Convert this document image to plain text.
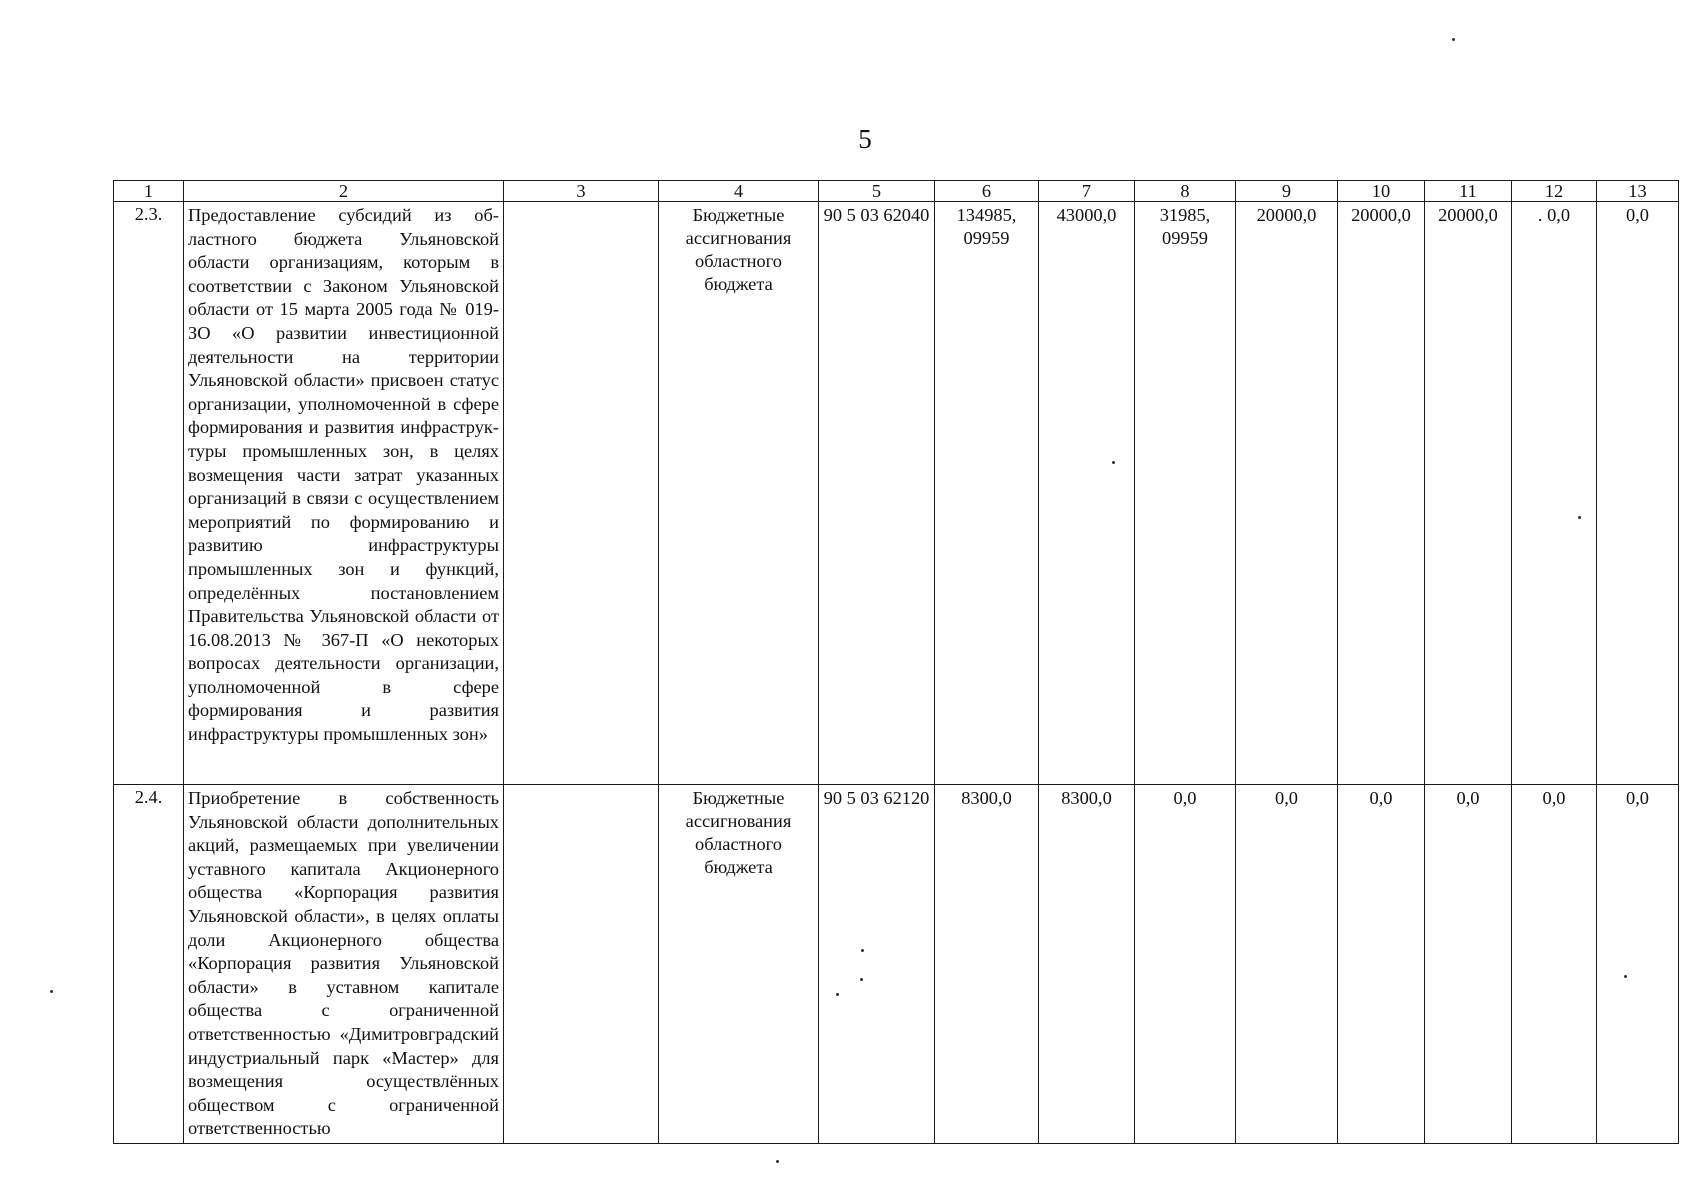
5
1	2	3	4	5	6	7	8	9	10	11	12	13
2.3.	Предоставление субсидий из областного бюджета Ульяновской области организациям, которым в соответствии с Законом Ульяновской области от 15 марта 2005 года № 019-ЗО «О развитии инвестиционной деятельности на территории Ульяновской области» присвоен статус организации, уполномоченной в сфере формирования и развития инфраструктуры промышленных зон, в целях возмещения части затрат указанных организаций в связи с осуществлением мероприятий по формированию и развитию инфраструктуры промышленных зон и функций, определённых постановлением Правительства Ульяновской области от 16.08.2013 № 367-П «О некоторых вопросах деятельности организации, уполномоченной в сфере формирования и развития инфраструктуры промышленных зон»		Бюджетные ассигнования областного бюджета	90 5 03 62040	134985, 09959	43000,0	31985, 09959	20000,0	20000,0	20000,0	. 0,0	0,0
2.4.	Приобретение в собственность Ульяновской области дополнительных акций, размещаемых при увеличении уставного капитала Акционерного общества «Корпорация развития Ульяновской области», в целях оплаты доли Акционерного общества «Корпорация развития Ульяновской области» в уставном капитале общества с ограниченной ответственностью «Димитровградский индустриальный парк «Мастер» для возмещения осуществлённых обществом с ограниченной ответственностью		Бюджетные ассигнования областного бюджета	90 5 03 62120	8300,0	8300,0	0,0	0,0	0,0	0,0	0,0	0,0
